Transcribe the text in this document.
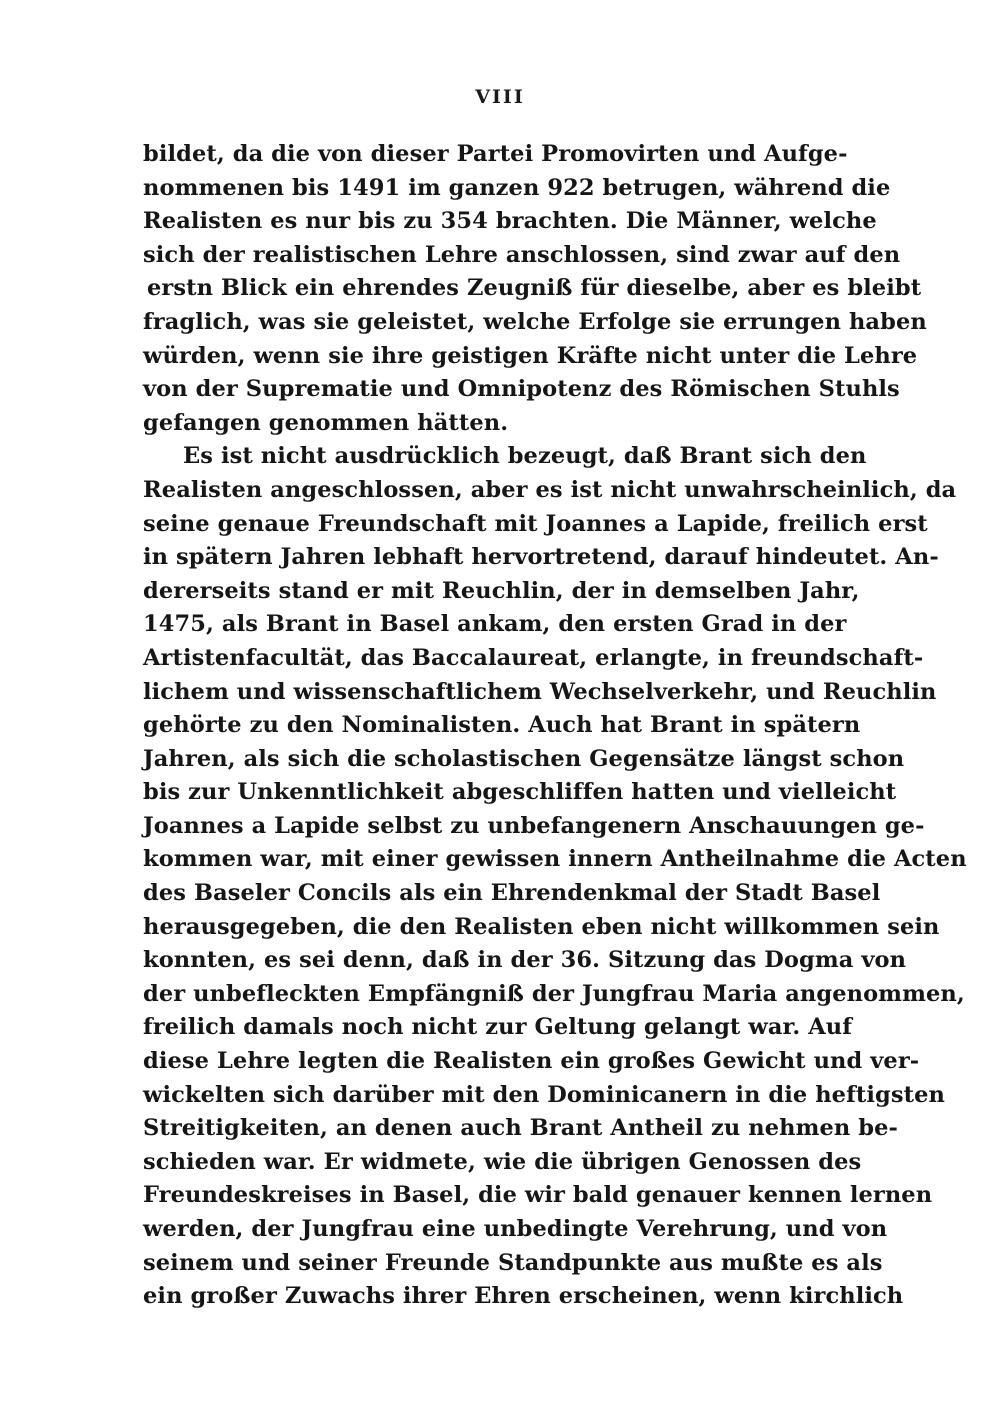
VIII
bildet, da die von dieser Partei Promovirten und Aufge-
nommenen bis 1491 im ganzen 922 betrugen, während die
Realisten es nur bis zu 354 brachten. Die Männer, welche
sich der realistischen Lehre anschlossen, sind zwar auf den
erstn Blick ein ehrendes Zeugniß für dieselbe, aber es bleibt
fraglich, was sie geleistet, welche Erfolge sie errungen haben
würden, wenn sie ihre geistigen Kräfte nicht unter die Lehre
von der Suprematie und Omnipotenz des Römischen Stuhls
gefangen genommen hätten.
Es ist nicht ausdrücklich bezeugt, daß Brant sich den
Realisten angeschlossen, aber es ist nicht unwahrscheinlich, da
seine genaue Freundschaft mit Joannes a Lapide, freilich erst
in spätern Jahren lebhaft hervortretend, darauf hindeutet. An-
dererseits stand er mit Reuchlin, der in demselben Jahr,
1475, als Brant in Basel ankam, den ersten Grad in der
Artistenfacultät, das Baccalaureat, erlangte, in freundschaft-
lichem und wissenschaftlichem Wechselverkehr, und Reuchlin
gehörte zu den Nominalisten. Auch hat Brant in spätern
Jahren, als sich die scholastischen Gegensätze längst schon
bis zur Unkenntlichkeit abgeschliffen hatten und vielleicht
Joannes a Lapide selbst zu unbefangenern Anschauungen ge-
kommen war, mit einer gewissen innern Antheilnahme die Acten
des Baseler Concils als ein Ehrendenkmal der Stadt Basel
herausgegeben, die den Realisten eben nicht willkommen sein
konnten, es sei denn, daß in der 36. Sitzung das Dogma von
der unbefleckten Empfängniß der Jungfrau Maria angenommen,
freilich damals noch nicht zur Geltung gelangt war. Auf
diese Lehre legten die Realisten ein großes Gewicht und ver-
wickelten sich darüber mit den Dominicanern in die heftigsten
Streitigkeiten, an denen auch Brant Antheil zu nehmen be-
schieden war. Er widmete, wie die übrigen Genossen des
Freundeskreises in Basel, die wir bald genauer kennen lernen
werden, der Jungfrau eine unbedingte Verehrung, und von
seinem und seiner Freunde Standpunkte aus mußte es als
ein großer Zuwachs ihrer Ehren erscheinen, wenn kirchlich
